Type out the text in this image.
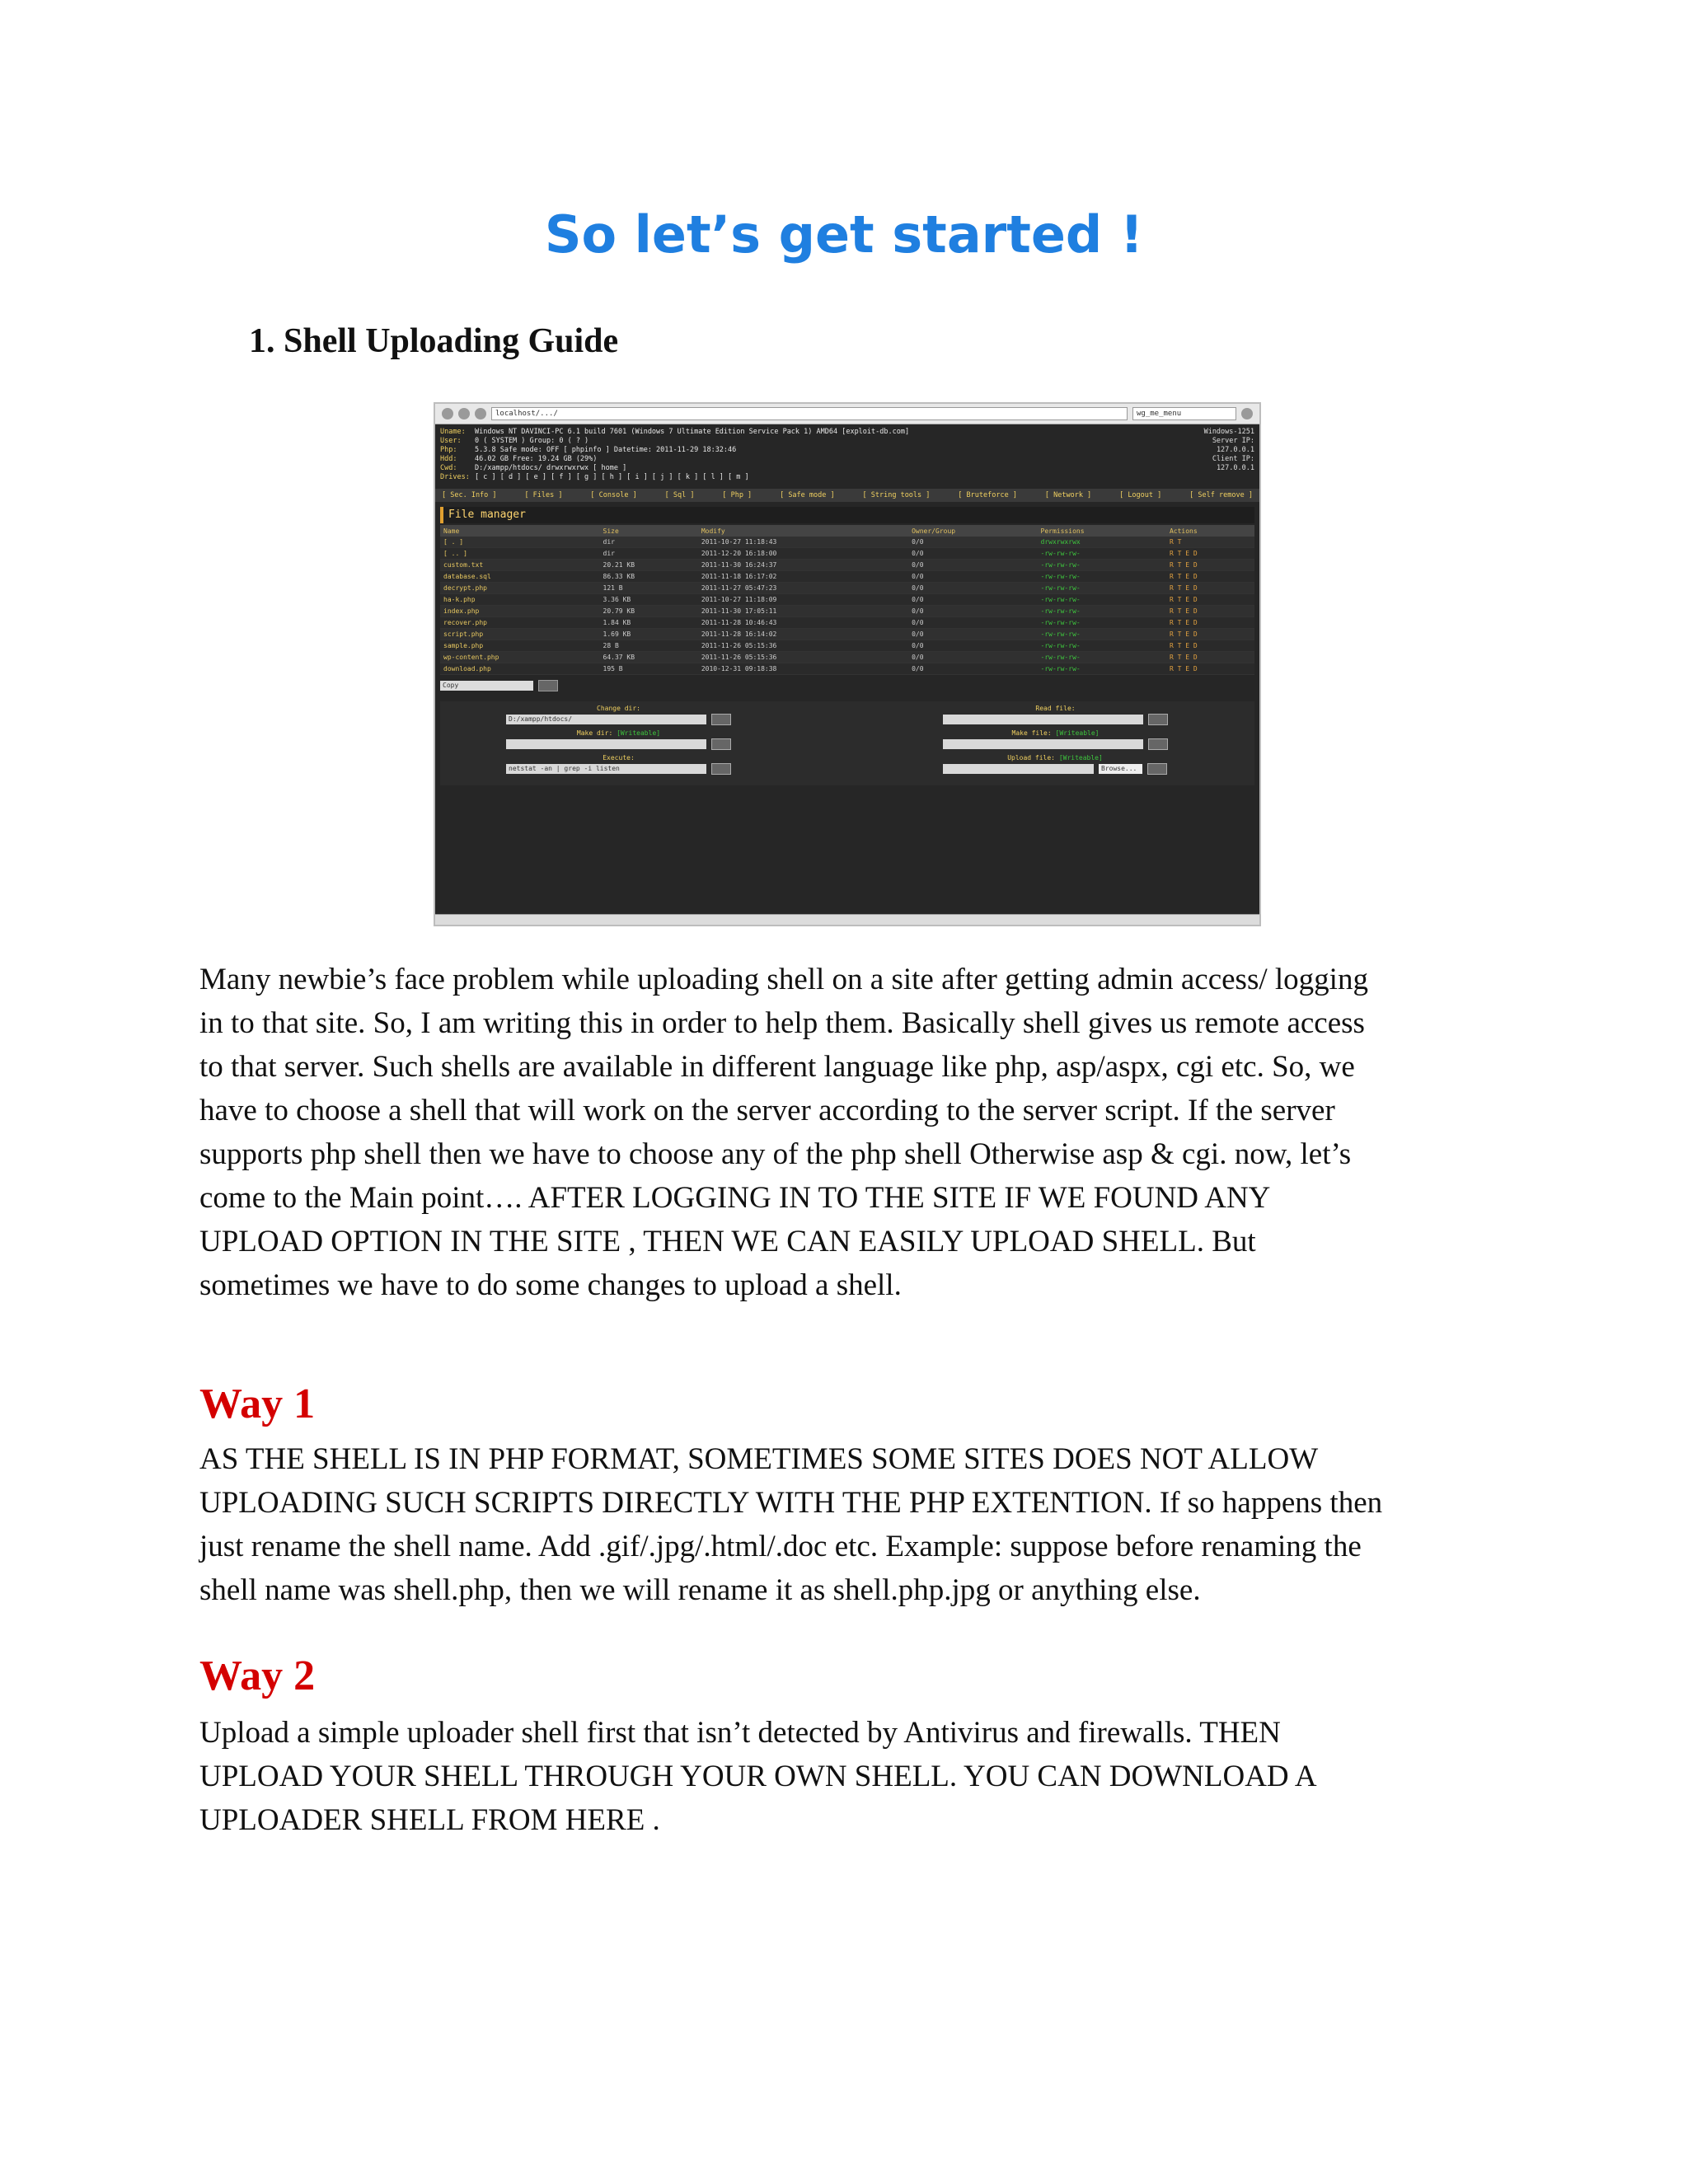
So let’s get started !
1. Shell Uploading Guide
localhost/.../	wg_me_menu
Uname: Windows NT DAVINCI-PC 6.1 build 7601 (Windows 7 Ultimate Edition Service Pack 1) AMD64 [exploit-db.com]
User: 0 ( SYSTEM ) Group: 0 ( ? )
Php:	5.3.8 Safe mode: OFF [ phpinfo ] Datetime: 2011-11-29 18:32:46
Hdd:	46.02 GB Free: 19.24 GB (29%)
Cwd:	D:/xampp/htdocs/ drwxrwxrwx [ home ]
Drives: [ c ] [ d ] [ e ] [ f ] [ g ] [ h ] [ i ] [ j ] [ k ] [ l ] [ m ]
Windows-1251
Server IP:
127.0.0.1
Client IP:
127.0.0.1
[ Sec. Info ]	[ Files ]	[ Console ]	[ Sql ]	[ Php ]	[ Safe mode ]	[ String tools ]	[ Bruteforce ]	[ Network ]	[ Logout ]	[ Self remove ]
File manager
Name	Size	Modify	Owner/Group	Permissions	Actions
[ . ]	dir	2011-10-27 11:18:43	0/0	drwxrwxrwx	R T
[ .. ]	dir	2011-12-20 16:18:00	0/0	-rw-rw-rw-	R T E D
custom.txt	20.21 KB	2011-11-30 16:24:37	0/0	-rw-rw-rw-	R T E D
database.sql	86.33 KB	2011-11-18 16:17:02	0/0	-rw-rw-rw-	R T E D
decrypt.php	121 B	2011-11-27 05:47:23	0/0	-rw-rw-rw-	R T E D
ha-k.php	3.36 KB	2011-10-27 11:18:09	0/0	-rw-rw-rw-	R T E D
index.php	20.79 KB	2011-11-30 17:05:11	0/0	-rw-rw-rw-	R T E D
recover.php	1.84 KB	2011-11-28 10:46:43	0/0	-rw-rw-rw-	R T E D
script.php	1.69 KB	2011-11-28 16:14:02	0/0	-rw-rw-rw-	R T E D
sample.php	28 B	2011-11-26 05:15:36	0/0	-rw-rw-rw-	R T E D
wp-content.php	64.37 KB	2011-11-26 05:15:36	0/0	-rw-rw-rw-	R T E D
download.php	195 B	2010-12-31 09:18:38	0/0	-rw-rw-rw-	R T E D
Copy
Change dir:
D:/xampp/htdocs/
Make dir: [Writeable]
Execute:
netstat -an | grep -i listen
Read file:
Make file: [Writeable]
Upload file: [Writeable]
Browse...
Many newbie’s face problem while uploading shell on a site after getting admin access/ logging
in to that site. So, I am writing this in order to help them. Basically shell gives us remote access
to that server. Such shells are available in different language like php, asp/aspx, cgi etc. So, we
have to choose a shell that will work on the server according to the server script. If the server
supports php shell then we have to choose any of the php shell Otherwise asp & cgi. now, let’s
come to the Main point…. AFTER LOGGING IN TO THE SITE IF WE FOUND ANY
UPLOAD OPTION IN THE SITE , THEN WE CAN EASILY UPLOAD SHELL. But
sometimes we have to do some changes to upload a shell.
Way 1
AS THE SHELL IS IN PHP FORMAT, SOMETIMES SOME SITES DOES NOT ALLOW
UPLOADING SUCH SCRIPTS DIRECTLY WITH THE PHP EXTENTION. If so happens then
just rename the shell name. Add .gif/.jpg/.html/.doc etc. Example: suppose before renaming the
shell name was shell.php, then we will rename it as shell.php.jpg or anything else.
Way 2
Upload a simple uploader shell first that isn’t detected by Antivirus and firewalls. THEN
UPLOAD YOUR SHELL THROUGH YOUR OWN SHELL. YOU CAN DOWNLOAD A
UPLOADER SHELL FROM HERE .
